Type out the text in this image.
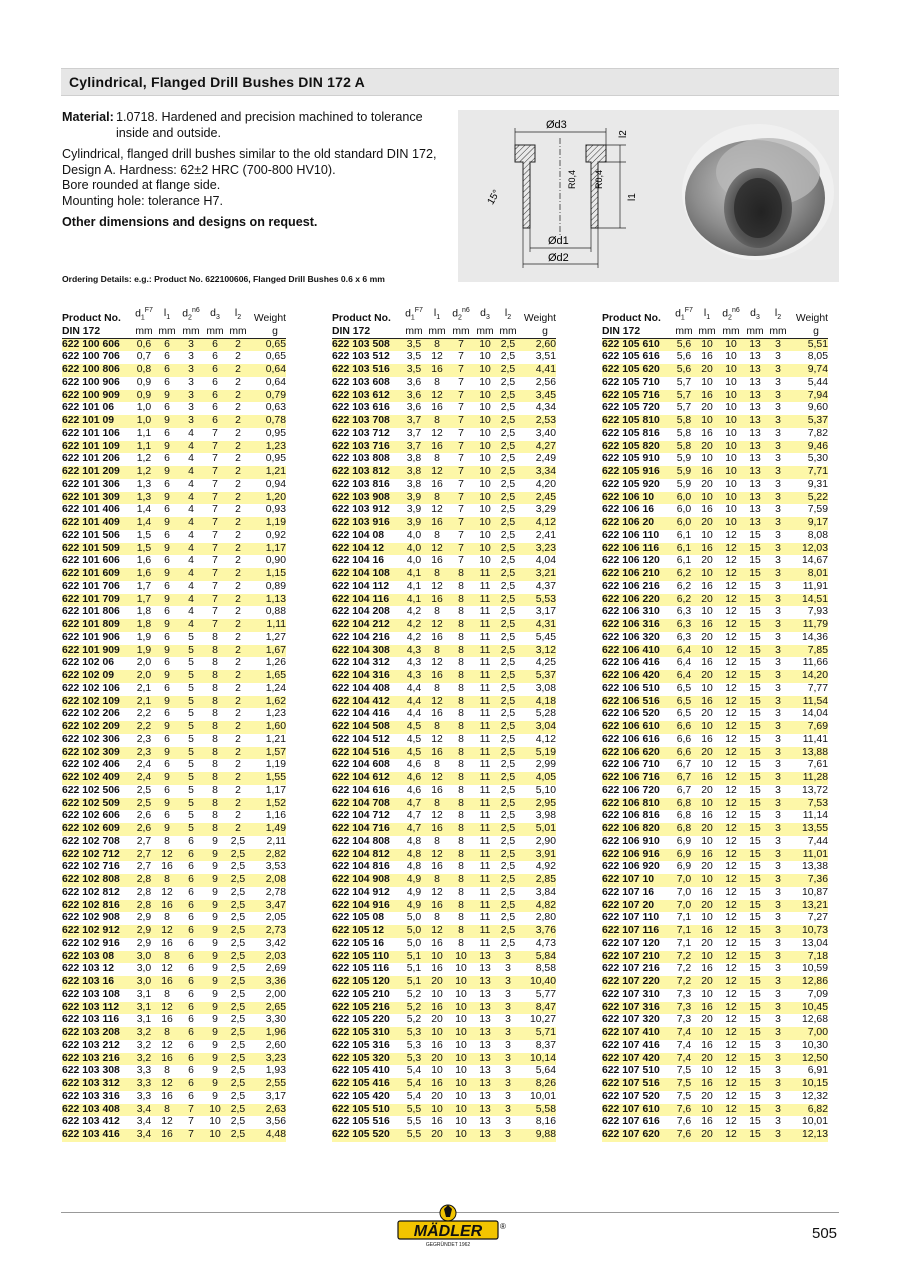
Cylindrical, Flanged Drill Bushes DIN 172 A

Material: 1.0718. Hardened and precision machined to tolerance inside and outside.

Cylindrical, flanged drill bushes similar to the old standard DIN 172, Design A. Hardness: 62±2 HRC (700-800 HV10).

Bore rounded at flange side.

Mounting hole: tolerance H7.

Other dimensions and designs on request.

Ød3
Ød1
Ød2
l2
l1
R0,4 R0,4
15°
Ordering Details: e.g.: Product No. 622100606, Flanged Drill Bushes 0.6 x 6 mm
Product No.	$d_1^{F7}$	$l_1$	$d_2^{n6}$	$d_3$	$l_2$	Weight
DIN 172	mm	mm	mm	mm	mm	g
622 100 606	0,6	6	3	6	2	0,65
622 100 706	0,7	6	3	6	2	0,65
622 100 806	0,8	6	3	6	2	0,64
622 100 906	0,9	6	3	6	2	0,64
622 100 909	0,9	9	3	6	2	0,79
622 101 06	1,0	6	3	6	2	0,63
622 101 09	1,0	9	3	6	2	0,78
622 101 106	1,1	6	4	7	2	0,95
622 101 109	1,1	9	4	7	2	1,23
622 101 206	1,2	6	4	7	2	0,95
622 101 209	1,2	9	4	7	2	1,21
622 101 306	1,3	6	4	7	2	0,94
622 101 309	1,3	9	4	7	2	1,20
622 101 406	1,4	6	4	7	2	0,93
622 101 409	1,4	9	4	7	2	1,19
622 101 506	1,5	6	4	7	2	0,92
622 101 509	1,5	9	4	7	2	1,17
622 101 606	1,6	6	4	7	2	0,90
622 101 609	1,6	9	4	7	2	1,15
622 101 706	1,7	6	4	7	2	0,89
622 101 709	1,7	9	4	7	2	1,13
622 101 806	1,8	6	4	7	2	0,88
622 101 809	1,8	9	4	7	2	1,11
622 101 906	1,9	6	5	8	2	1,27
622 101 909	1,9	9	5	8	2	1,67
622 102 06	2,0	6	5	8	2	1,26
622 102 09	2,0	9	5	8	2	1,65
622 102 106	2,1	6	5	8	2	1,24
622 102 109	2,1	9	5	8	2	1,62
622 102 206	2,2	6	5	8	2	1,23
622 102 209	2,2	9	5	8	2	1,60
622 102 306	2,3	6	5	8	2	1,21
622 102 309	2,3	9	5	8	2	1,57
622 102 406	2,4	6	5	8	2	1,19
622 102 409	2,4	9	5	8	2	1,55
622 102 506	2,5	6	5	8	2	1,17
622 102 509	2,5	9	5	8	2	1,52
622 102 606	2,6	6	5	8	2	1,16
622 102 609	2,6	9	5	8	2	1,49
622 102 708	2,7	8	6	9	2,5	2,11
622 102 712	2,7	12	6	9	2,5	2,82
622 102 716	2,7	16	6	9	2,5	3,53
622 102 808	2,8	8	6	9	2,5	2,08
622 102 812	2,8	12	6	9	2,5	2,78
622 102 816	2,8	16	6	9	2,5	3,47
622 102 908	2,9	8	6	9	2,5	2,05
622 102 912	2,9	12	6	9	2,5	2,73
622 102 916	2,9	16	6	9	2,5	3,42
622 103 08	3,0	8	6	9	2,5	2,03
622 103 12	3,0	12	6	9	2,5	2,69
622 103 16	3,0	16	6	9	2,5	3,36
622 103 108	3,1	8	6	9	2,5	2,00
622 103 112	3,1	12	6	9	2,5	2,65
622 103 116	3,1	16	6	9	2,5	3,30
622 103 208	3,2	8	6	9	2,5	1,96
622 103 212	3,2	12	6	9	2,5	2,60
622 103 216	3,2	16	6	9	2,5	3,23
622 103 308	3,3	8	6	9	2,5	1,93
622 103 312	3,3	12	6	9	2,5	2,55
622 103 316	3,3	16	6	9	2,5	3,17
622 103 408	3,4	8	7	10	2,5	2,63
622 103 412	3,4	12	7	10	2,5	3,56
622 103 416	3,4	16	7	10	2,5	4,48
Product No.	$d_1^{F7}$	$l_1$	$d_2^{n6}$	$d_3$	$l_2$	Weight
DIN 172	mm	mm	mm	mm	mm	g
622 103 508	3,5	8	7	10	2,5	2,60
622 103 512	3,5	12	7	10	2,5	3,51
622 103 516	3,5	16	7	10	2,5	4,41
622 103 608	3,6	8	7	10	2,5	2,56
622 103 612	3,6	12	7	10	2,5	3,45
622 103 616	3,6	16	7	10	2,5	4,34
622 103 708	3,7	8	7	10	2,5	2,53
622 103 712	3,7	12	7	10	2,5	3,40
622 103 716	3,7	16	7	10	2,5	4,27
622 103 808	3,8	8	7	10	2,5	2,49
622 103 812	3,8	12	7	10	2,5	3,34
622 103 816	3,8	16	7	10	2,5	4,20
622 103 908	3,9	8	7	10	2,5	2,45
622 103 912	3,9	12	7	10	2,5	3,29
622 103 916	3,9	16	7	10	2,5	4,12
622 104 08	4,0	8	7	10	2,5	2,41
622 104 12	4,0	12	7	10	2,5	3,23
622 104 16	4,0	16	7	10	2,5	4,04
622 104 108	4,1	8	8	11	2,5	3,21
622 104 112	4,1	12	8	11	2,5	4,37
622 104 116	4,1	16	8	11	2,5	5,53
622 104 208	4,2	8	8	11	2,5	3,17
622 104 212	4,2	12	8	11	2,5	4,31
622 104 216	4,2	16	8	11	2,5	5,45
622 104 308	4,3	8	8	11	2,5	3,12
622 104 312	4,3	12	8	11	2,5	4,25
622 104 316	4,3	16	8	11	2,5	5,37
622 104 408	4,4	8	8	11	2,5	3,08
622 104 412	4,4	12	8	11	2,5	4,18
622 104 416	4,4	16	8	11	2,5	5,28
622 104 508	4,5	8	8	11	2,5	3,04
622 104 512	4,5	12	8	11	2,5	4,12
622 104 516	4,5	16	8	11	2,5	5,19
622 104 608	4,6	8	8	11	2,5	2,99
622 104 612	4,6	12	8	11	2,5	4,05
622 104 616	4,6	16	8	11	2,5	5,10
622 104 708	4,7	8	8	11	2,5	2,95
622 104 712	4,7	12	8	11	2,5	3,98
622 104 716	4,7	16	8	11	2,5	5,01
622 104 808	4,8	8	8	11	2,5	2,90
622 104 812	4,8	12	8	11	2,5	3,91
622 104 816	4,8	16	8	11	2,5	4,92
622 104 908	4,9	8	8	11	2,5	2,85
622 104 912	4,9	12	8	11	2,5	3,84
622 104 916	4,9	16	8	11	2,5	4,82
622 105 08	5,0	8	8	11	2,5	2,80
622 105 12	5,0	12	8	11	2,5	3,76
622 105 16	5,0	16	8	11	2,5	4,73
622 105 110	5,1	10	10	13	3	5,84
622 105 116	5,1	16	10	13	3	8,58
622 105 120	5,1	20	10	13	3	10,40
622 105 210	5,2	10	10	13	3	5,77
622 105 216	5,2	16	10	13	3	8,47
622 105 220	5,2	20	10	13	3	10,27
622 105 310	5,3	10	10	13	3	5,71
622 105 316	5,3	16	10	13	3	8,37
622 105 320	5,3	20	10	13	3	10,14
622 105 410	5,4	10	10	13	3	5,64
622 105 416	5,4	16	10	13	3	8,26
622 105 420	5,4	20	10	13	3	10,01
622 105 510	5,5	10	10	13	3	5,58
622 105 516	5,5	16	10	13	3	8,16
622 105 520	5,5	20	10	13	3	9,88
Product No.	$d_1^{F7}$	$l_1$	$d_2^{n6}$	$d_3$	$l_2$	Weight
DIN 172	mm	mm	mm	mm	mm	g
622 105 610	5,6	10	10	13	3	5,51
622 105 616	5,6	16	10	13	3	8,05
622 105 620	5,6	20	10	13	3	9,74
622 105 710	5,7	10	10	13	3	5,44
622 105 716	5,7	16	10	13	3	7,94
622 105 720	5,7	20	10	13	3	9,60
622 105 810	5,8	10	10	13	3	5,37
622 105 816	5,8	16	10	13	3	7,82
622 105 820	5,8	20	10	13	3	9,46
622 105 910	5,9	10	10	13	3	5,30
622 105 916	5,9	16	10	13	3	7,71
622 105 920	5,9	20	10	13	3	9,31
622 106 10	6,0	10	10	13	3	5,22
622 106 16	6,0	16	10	13	3	7,59
622 106 20	6,0	20	10	13	3	9,17
622 106 110	6,1	10	12	15	3	8,08
622 106 116	6,1	16	12	15	3	12,03
622 106 120	6,1	20	12	15	3	14,67
622 106 210	6,2	10	12	15	3	8,01
622 106 216	6,2	16	12	15	3	11,91
622 106 220	6,2	20	12	15	3	14,51
622 106 310	6,3	10	12	15	3	7,93
622 106 316	6,3	16	12	15	3	11,79
622 106 320	6,3	20	12	15	3	14,36
622 106 410	6,4	10	12	15	3	7,85
622 106 416	6,4	16	12	15	3	11,66
622 106 420	6,4	20	12	15	3	14,20
622 106 510	6,5	10	12	15	3	7,77
622 106 516	6,5	16	12	15	3	11,54
622 106 520	6,5	20	12	15	3	14,04
622 106 610	6,6	10	12	15	3	7,69
622 106 616	6,6	16	12	15	3	11,41
622 106 620	6,6	20	12	15	3	13,88
622 106 710	6,7	10	12	15	3	7,61
622 106 716	6,7	16	12	15	3	11,28
622 106 720	6,7	20	12	15	3	13,72
622 106 810	6,8	10	12	15	3	7,53
622 106 816	6,8	16	12	15	3	11,14
622 106 820	6,8	20	12	15	3	13,55
622 106 910	6,9	10	12	15	3	7,44
622 106 916	6,9	16	12	15	3	11,01
622 106 920	6,9	20	12	15	3	13,38
622 107 10	7,0	10	12	15	3	7,36
622 107 16	7,0	16	12	15	3	10,87
622 107 20	7,0	20	12	15	3	13,21
622 107 110	7,1	10	12	15	3	7,27
622 107 116	7,1	16	12	15	3	10,73
622 107 120	7,1	20	12	15	3	13,04
622 107 210	7,2	10	12	15	3	7,18
622 107 216	7,2	16	12	15	3	10,59
622 107 220	7,2	20	12	15	3	12,86
622 107 310	7,3	10	12	15	3	7,09
622 107 316	7,3	16	12	15	3	10,45
622 107 320	7,3	20	12	15	3	12,68
622 107 410	7,4	10	12	15	3	7,00
622 107 416	7,4	16	12	15	3	10,30
622 107 420	7,4	20	12	15	3	12,50
622 107 510	7,5	10	12	15	3	6,91
622 107 516	7,5	16	12	15	3	10,15
622 107 520	7,5	20	12	15	3	12,32
622 107 610	7,6	10	12	15	3	6,82
622 107 616	7,6	16	12	15	3	10,01
622 107 620	7,6	20	12	15	3	12,13
MÄDLER
GEGRÜNDET 1962
®	505
